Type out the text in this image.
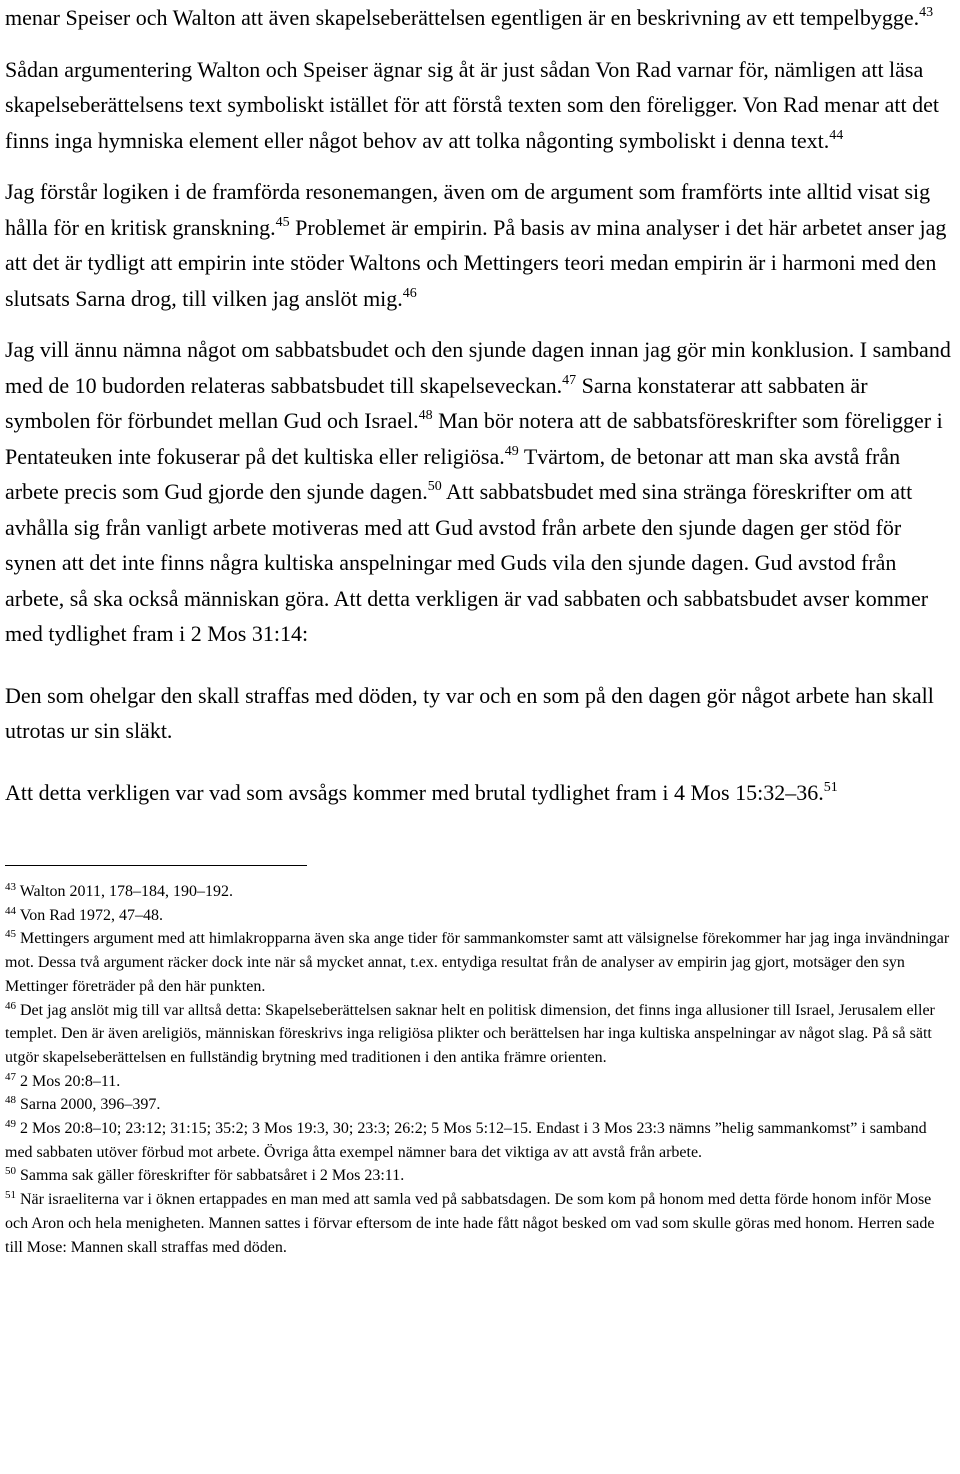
menar Speiser och Walton att även skapelseberättelsen egentligen är en beskrivning av ett tempelbygge.$^{43}$

Sådan argumentering Walton och Speiser ägnar sig åt är just sådan Von Rad varnar för, nämligen att läsa skapelseberättelsens text symboliskt istället för att förstå texten som den föreligger. Von Rad menar att det finns inga hymniska element eller något behov av att tolka någonting symboliskt i denna text.$^{44}$

Jag förstår logiken i de framförda resonemangen, även om de argument som framförts inte alltid visat sig hålla för en kritisk granskning.$^{45}$ Problemet är empirin. På basis av mina analyser i det här arbetet anser jag att det är tydligt att empirin inte stöder Waltons och Mettingers teori medan empirin är i harmoni med den slutsats Sarna drog, till vilken jag anslöt mig.$^{46}$

Jag vill ännu nämna något om sabbatsbudet och den sjunde dagen innan jag gör min konklusion. I samband med de 10 budorden relateras sabbatsbudet till skapelseveckan.$^{47}$ Sarna konstaterar att sabbaten är symbolen för förbundet mellan Gud och Israel.$^{48}$ Man bör notera att de sabbatsföreskrifter som föreligger i Pentateuken inte fokuserar på det kultiska eller religiösa.$^{49}$ Tvärtom, de betonar att man ska avstå från arbete precis som Gud gjorde den sjunde dagen.$^{50}$ Att sabbatsbudet med sina stränga föreskrifter om att avhålla sig från vanligt arbete motiveras med att Gud avstod från arbete den sjunde dagen ger stöd för synen att det inte finns några kultiska anspelningar med Guds vila den sjunde dagen. Gud avstod från arbete, så ska också människan göra. Att detta verkligen är vad sabbaten och sabbatsbudet avser kommer med tydlighet fram i 2 Mos 31:14:

Den som ohelgar den skall straffas med döden, ty var och en som på den dagen gör något arbete han skall utrotas ur sin släkt.

Att detta verkligen var vad som avsågs kommer med brutal tydlighet fram i 4 Mos 15:32–36.51

$^{43}$ Walton 2011, 178–184, 190–192.

$^{44}$ Von Rad 1972, 47–48.

$^{45}$ Mettingers argument med att himlakropparna även ska ange tider för sammankomster samt att välsignelse förekommer har jag inga invändningar mot. Dessa två argument räcker dock inte när så mycket annat, t.ex. entydiga resultat från de analyser av empirin jag gjort, motsäger den syn Mettinger företräder på den här punkten.

$^{46}$ Det jag anslöt mig till var alltså detta: Skapelseberättelsen saknar helt en politisk dimension, det finns inga allusioner till Israel, Jerusalem eller templet. Den är även areligiös, människan föreskrivs inga religiösa plikter och berättelsen har inga kultiska anspelningar av något slag. På så sätt utgör skapelseberättelsen en fullständig brytning med traditionen i den antika främre orienten.

$^{47}$ 2 Mos 20:8–11.

$^{48}$ Sarna 2000, 396–397.

$^{49}$ 2 Mos 20:8–10; 23:12; 31:15; 35:2; 3 Mos 19:3, 30; 23:3; 26:2; 5 Mos 5:12–15. Endast i 3 Mos 23:3 nämns ”helig sammankomst” i samband med sabbaten utöver förbud mot arbete. Övriga åtta exempel nämner bara det viktiga av att avstå från arbete.

$^{50}$ Samma sak gäller föreskrifter för sabbatsåret i 2 Mos 23:11.

$^{51}$ När israeliterna var i öknen ertappades en man med att samla ved på sabbatsdagen. De som kom på honom med detta förde honom inför Mose och Aron och hela menigheten. Mannen sattes i förvar eftersom de inte hade fått något besked om vad som skulle göras med honom. Herren sade till Mose: Mannen skall straffas med döden.
